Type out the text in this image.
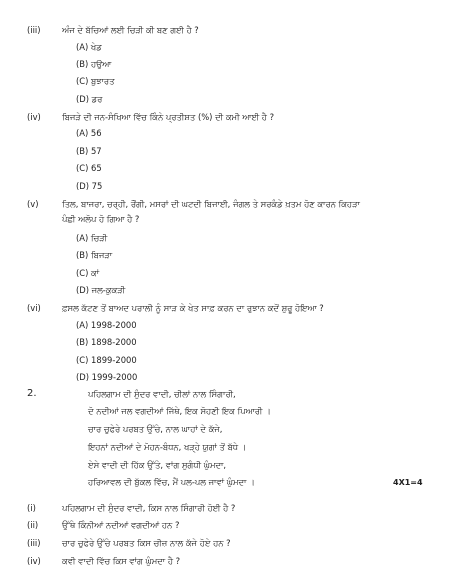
(iii)	ਅੰਜ ਦੇ ਬੱਚਿਆਂ ਲਈ ਚਿੜੀ ਕੀ ਬਣ ਗਈ ਹੈ ?
(A) ਖੇਡ
(B) ਹਉਆ
(C) ਬੁਝਾਰਤ
(D) ਡਰ
(iv)	ਬਿਜੜੇ ਦੀ ਜਨ-ਸੰਖਿਆ ਵਿੱਚ ਕਿੰਨੇ ਪ੍ਰਤੀਸ਼ਤ (%) ਦੀ ਕਮੀ ਆਈ ਹੈ ?
(A) 56
(B) 57
(C) 65
(D) 75
(v)	ਤਿਲ, ਬਾਜਰਾ, ਚਰ੍ਹੀ, ਰੌਂਗੀ, ਮਸਰਾਂ ਦੀ ਘਟਦੀ ਬਿਜਾਈ, ਜੰਗਲ ਤੇ ਸਰਕੰਡੇ ਖ਼ਤਮ ਹੋਣ ਕਾਰਨ ਕਿਹੜਾ
ਪੰਛੀ ਅਲੋਪ ਹੋ ਗਿਆ ਹੈ ?
(A) ਚਿੜੀ
(B) ਬਿਜੜਾ
(C) ਕਾਂ
(D) ਜਲ-ਕੁਕੜੀ
(vi)	ਫ਼ਸਲ ਕੱਟਣ ਤੋਂ ਬਾਅਦ ਪਰਾਲੀ ਨੂੰ ਸਾੜ ਕੇ ਖੇਤ ਸਾਫ਼ ਕਰਨ ਦਾ ਰੁਝਾਨ ਕਦੋਂ ਸ਼ੁਰੂ ਹੋਇਆ ?
(A) 1998-2000
(B) 1898-2000
(C) 1899-2000
(D) 1999-2000
2.	ਪਹਿਲਗਾਮ ਦੀ ਸੁੰਦਰ ਵਾਦੀ, ਚੀਲਾਂ ਨਾਲ ਸਿੰਗਾਰੀ,
ਦੋ ਨਦੀਆਂ ਜਲ ਵਗਦੀਆਂ ਜਿੱਥੇ, ਇਕ ਸੋਹਣੀ ਇਕ ਪਿਆਰੀ ।
ਚਾਰ ਚੁਫੇਰੇ ਪਰਬਤ ਉੱਚੇ, ਨਾਲ ਘਾਹਾਂ ਦੇ ਕੱਜੇ,
ਇਹਨਾਂ ਨਦੀਆਂ ਦੇ ਮੋਹਨ-ਬੰਧਨ, ਖੜ੍ਹੇ ਯੁਗਾਂ ਤੋਂ ਬੱਧੇ ।
ਏਸੇ ਵਾਦੀ ਦੀ ਹਿੱਕ ਉੱਤੇ, ਵਾਂਗ ਸੁਗੰਧੀ ਘੁੰਮਦਾ,
ਹਰਿਆਵਲ ਦੀ ਬੁੱਕਲ ਵਿੱਚ, ਮੈਂ ਪਲ-ਪਲ ਜਾਵਾਂ ਘੁੰਮਦਾ ।	4X1=4
(i)	ਪਹਿਲਗਾਮ ਦੀ ਸੁੰਦਰ ਵਾਦੀ, ਕਿਸ ਨਾਲ ਸਿੰਗਾਰੀ ਹੋਈ ਹੈ ?
(ii)	ਉੱਥੇ ਕਿੰਨੀਆਂ ਨਦੀਆਂ ਵਗਦੀਆਂ ਹਨ ?
(iii)	ਚਾਰ ਚੁਫੇਰੇ ਉੱਚੇ ਪਰਬਤ ਕਿਸ ਚੀਜ਼ ਨਾਲ ਕੱਜੇ ਹੋਏ ਹਨ ?
(iv)	ਕਵੀ ਵਾਦੀ ਵਿੱਚ ਕਿਸ ਵਾਂਗ ਘੁੰਮਦਾ ਹੈ ?
